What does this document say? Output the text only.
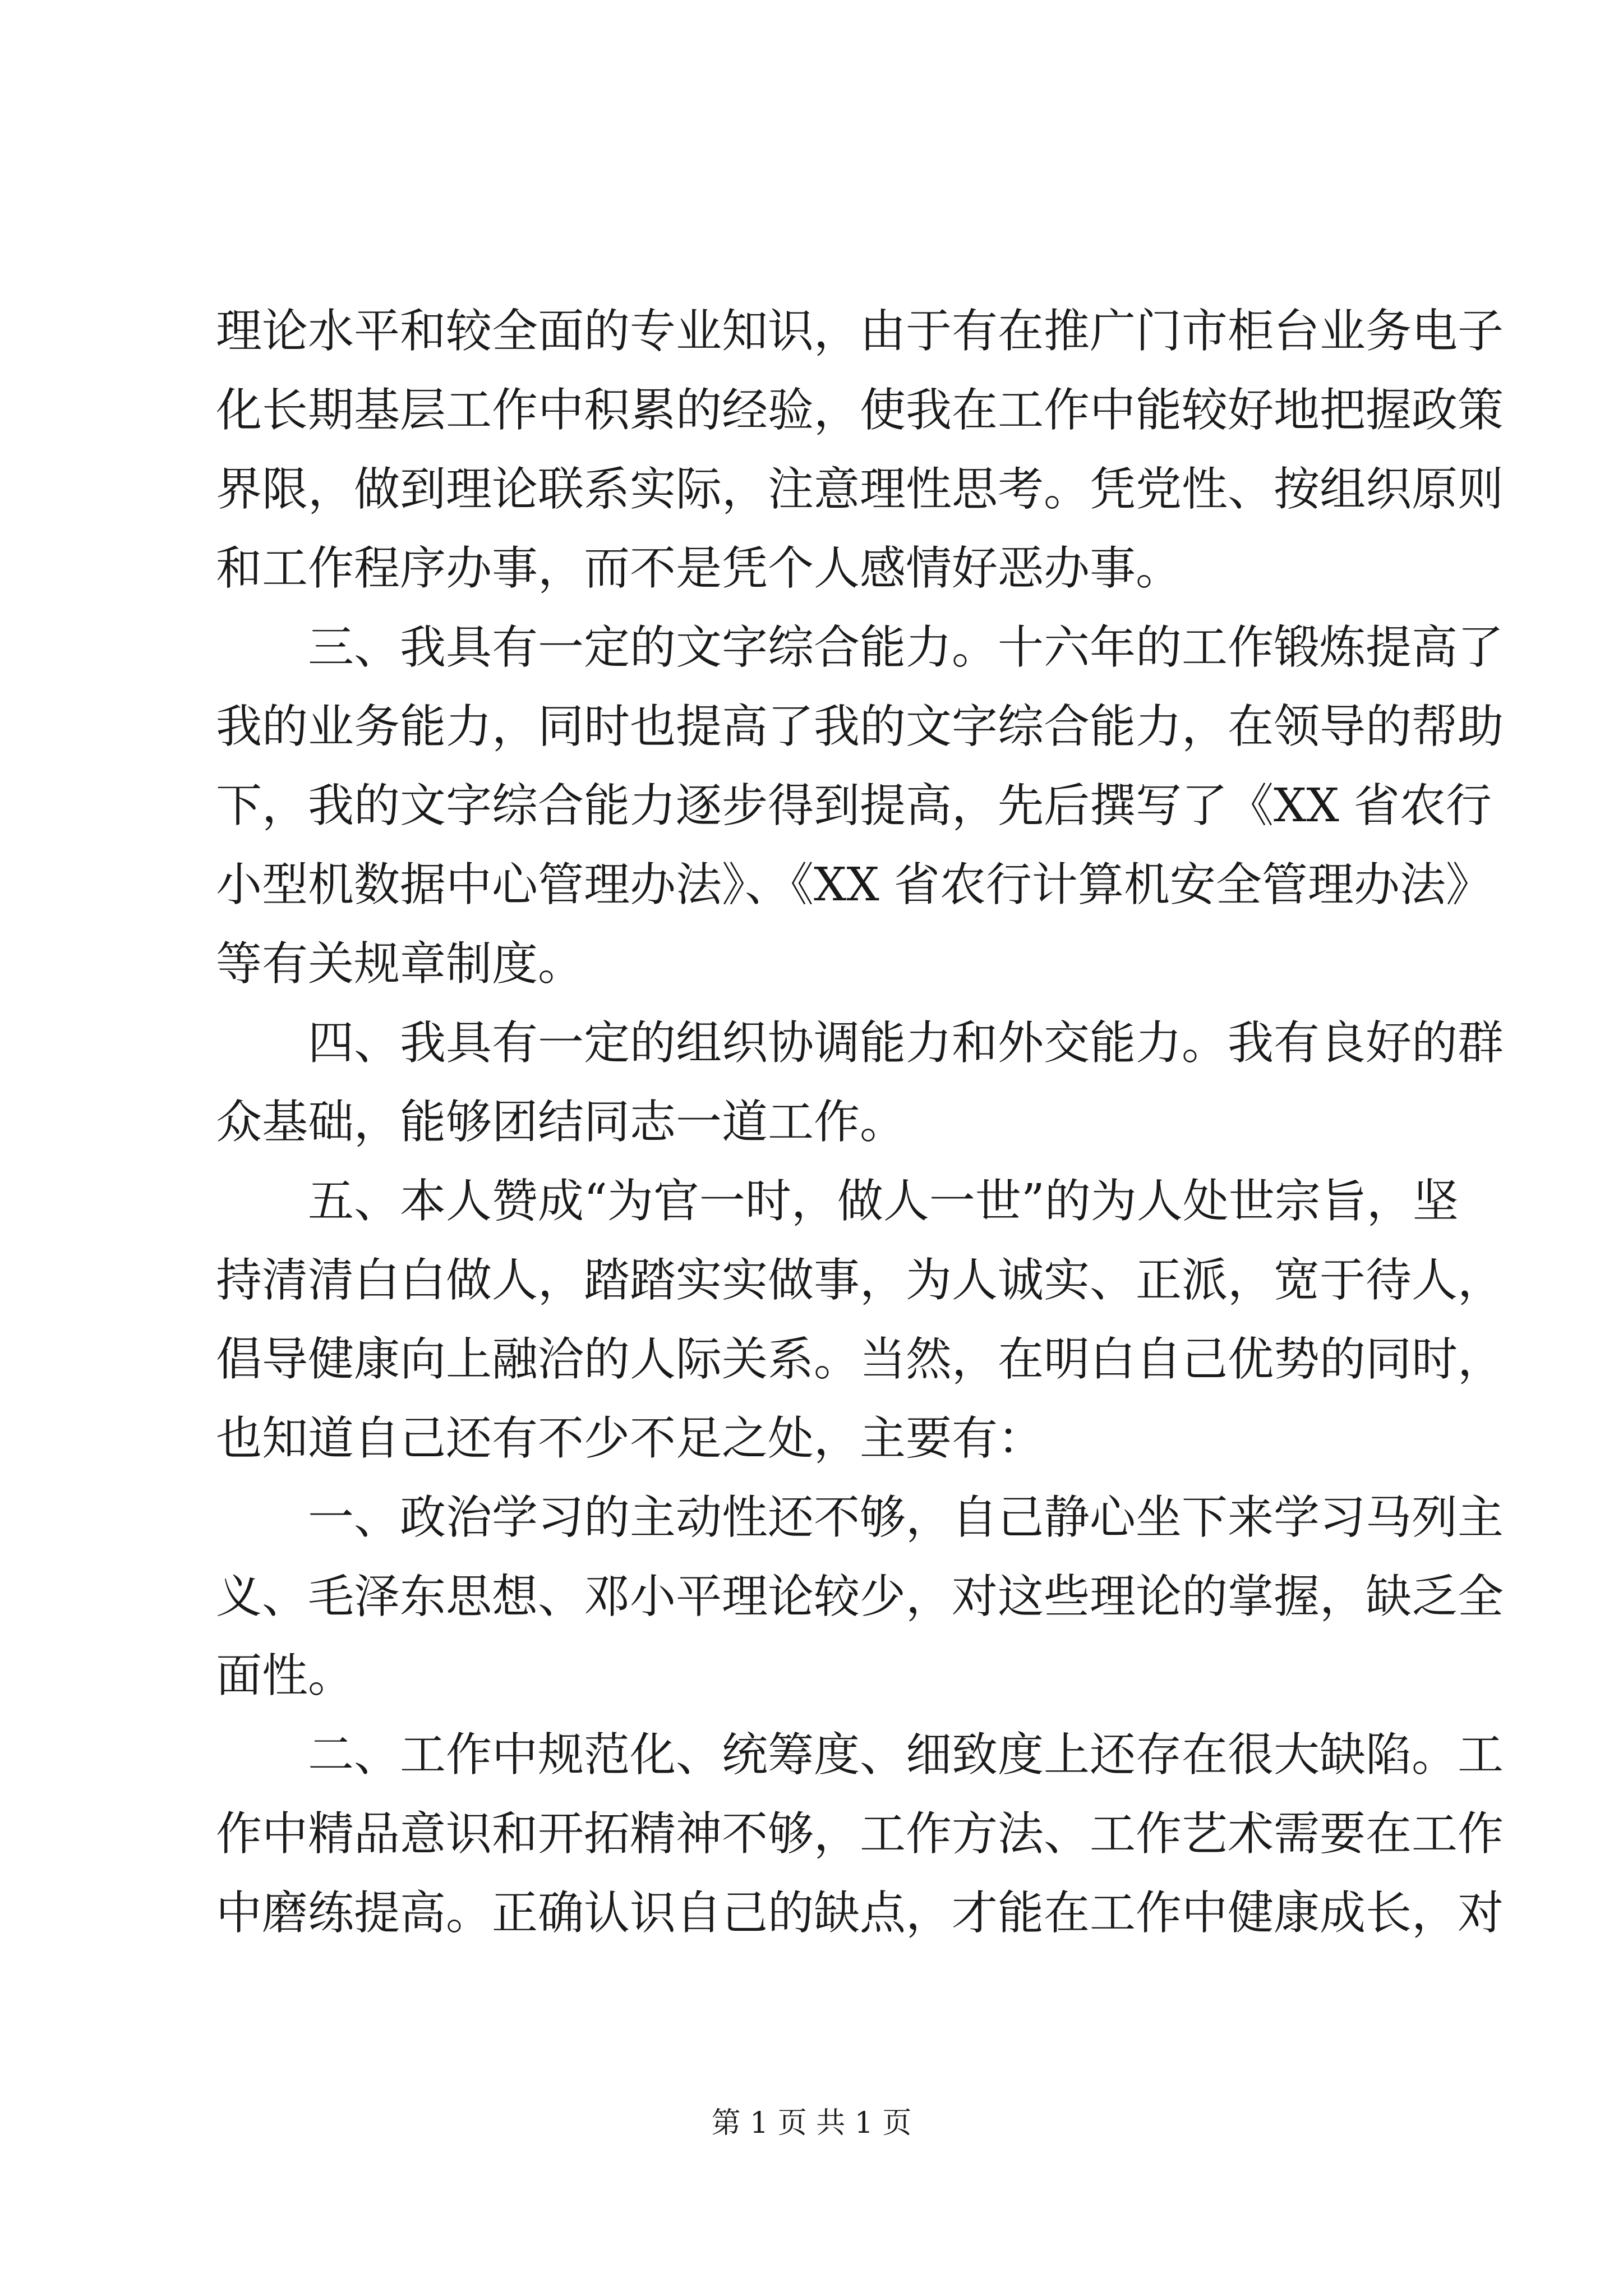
理论水平和较全面的专业知识，由于有在推广门市柜台业务电子
化长期基层工作中积累的经验，使我在工作中能较好地把握政策
界限，做到理论联系实际，注意理性思考。凭党性、按组织原则
和工作程序办事，而不是凭个人感情好恶办事。
三、我具有一定的文字综合能力。十六年的工作锻炼提高了
我的业务能力，同时也提高了我的文字综合能力，在领导的帮助
下，我的文字综合能力逐步得到提高，先后撰写了《XX 省农行
小型机数据中心管理办法》、《XX 省农行计算机安全管理办法》
等有关规章制度。
四、我具有一定的组织协调能力和外交能力。我有良好的群
众基础，能够团结同志一道工作。
五、本人赞成“为官一时，做人一世”的为人处世宗旨，坚
持清清白白做人，踏踏实实做事，为人诚实、正派，宽于待人，
倡导健康向上融洽的人际关系。当然，在明白自己优势的同时，
也知道自己还有不少不足之处，主要有：
一、政治学习的主动性还不够，自己静心坐下来学习马列主
义、毛泽东思想、邓小平理论较少，对这些理论的掌握，缺乏全
面性。
二、工作中规范化、统筹度、细致度上还存在很大缺陷。工
作中精品意识和开拓精神不够，工作方法、工作艺术需要在工作
中磨练提高。正确认识自己的缺点，才能在工作中健康成长，对
第 1 页 共 1 页
